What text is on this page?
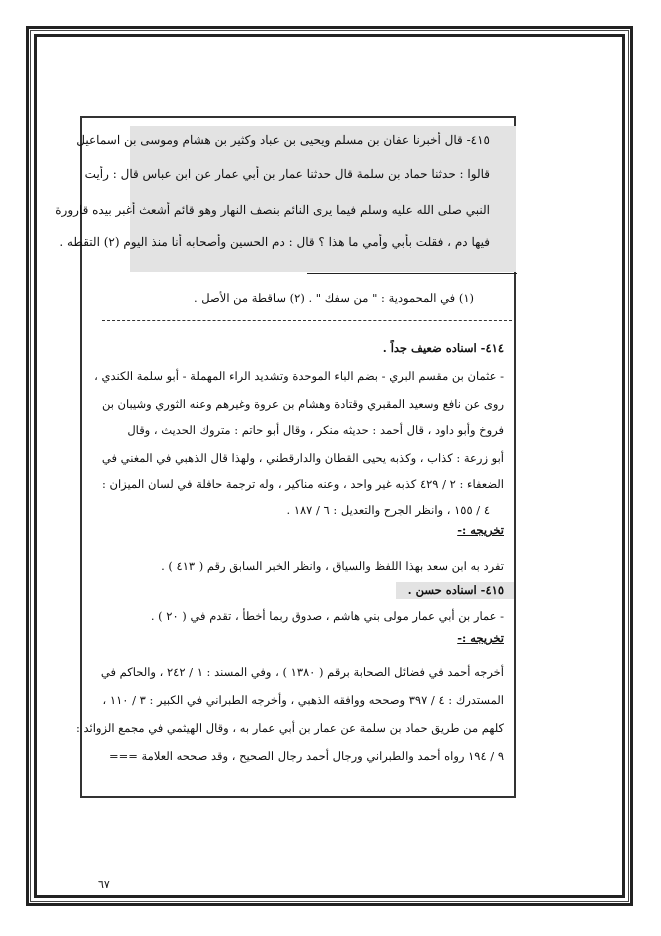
٤١٥- قال أخبرنا عفان بن مسلم ويحيى بن عباد وكثير بن هشام وموسى بن اسماعيل
قالوا : حدثنا حماد بن سلمة قال حدثنا عمار بن أبي عمار عن ابن عباس قال : رأيت
النبي صلى الله عليه وسلم فيما يرى النائم بنصف النهار وهو قائم أشعث أغبر بيده قارورة
فيها دم ، فقلت بأبي وأمي ما هذا ؟ قال : دم الحسين وأصحابه أنا منذ اليوم (٢) التقطه .
(١) في المحمودية : " من سفك " . (٢) ساقطة من الأصل .
٤١٤- اسناده ضعيف جداً .
- عثمان بن مقسم البري - بضم الباء الموحدة وتشديد الراء المهملة - أبو سلمة الكندي ،
روى عن نافع وسعيد المقبري وقتادة وهشام بن عروة وغيرهم وعنه الثوري وشيبان بن
فروخ وأبو داود ، قال أحمد : حديثه منكر ، وقال أبو حاتم : متروك الحديث ، وقال
أبو زرعة : كذاب ، وكذبه يحيى القطان والدارقطني ، ولهذا قال الذهبي في المغني في
الضعفاء : ٢ / ٤٢٩ كذبه غير واحد ، وعنه مناكير ، وله ترجمة حافلة في لسان الميزان :
٤ / ١٥٥ ، وانظر الجرح والتعديل : ٦ / ١٨٧ .
تخريجه :-
تفرد به ابن سعد بهذا اللفظ والسياق ، وانظر الخبر السابق رقم ( ٤١٣ ) .
٤١٥- اسناده حسن .
- عمار بن أبي عمار مولى بني هاشم ، صدوق ربما أخطأ ، تقدم في ( ٢٠ ) .
تخريجه :-
أخرجه أحمد في فضائل الصحابة برقم ( ١٣٨٠ ) ، وفي المسند : ١ / ٢٤٢ ، والحاكم في
المستدرك : ٤ / ٣٩٧ وصححه ووافقه الذهبي ، وأخرجه الطبراني في الكبير : ٣ / ١١٠ ،
كلهم من طريق حماد بن سلمة عن عمار بن أبي عمار به ، وقال الهيثمي في مجمع الزوائد :
٩ / ١٩٤ رواه أحمد والطبراني ورجال أحمد رجال الصحيح ، وقد صححه العلامة ===
٦٧
